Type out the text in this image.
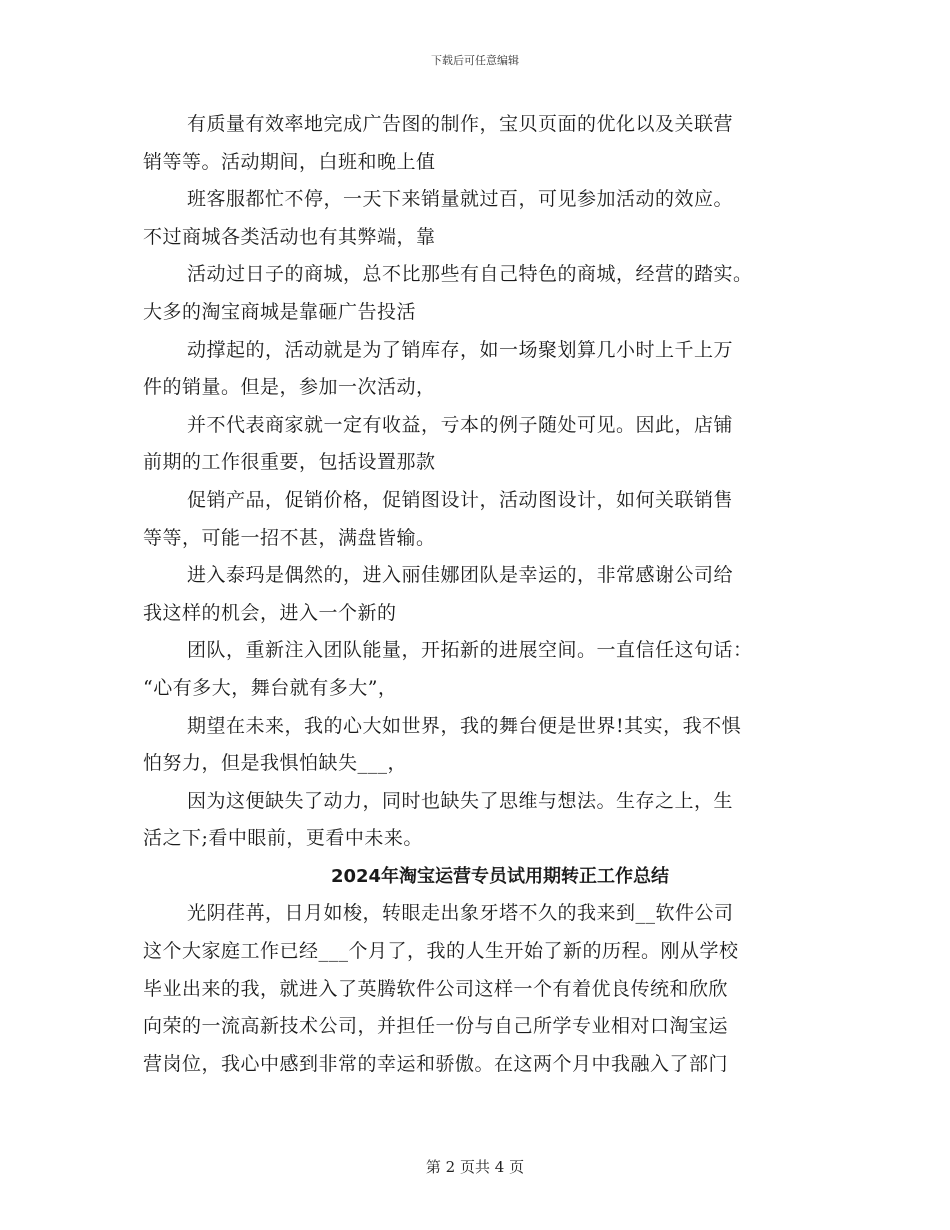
下载后可任意编辑
有质量有效率地完成广告图的制作，宝贝页面的优化以及关联营
销等等。活动期间，白班和晚上值
班客服都忙不停，一天下来销量就过百，可见参加活动的效应。
不过商城各类活动也有其弊端，靠
活动过日子的商城，总不比那些有自己特色的商城，经营的踏实。
大多的淘宝商城是靠砸广告投活
动撑起的，活动就是为了销库存，如一场聚划算几小时上千上万
件的销量。但是，参加一次活动，
并不代表商家就一定有收益，亏本的例子随处可见。因此，店铺
前期的工作很重要，包括设置那款
促销产品，促销价格，促销图设计，活动图设计，如何关联销售
等等，可能一招不甚，满盘皆输。
进入泰玛是偶然的，进入丽佳娜团队是幸运的，非常感谢公司给
我这样的机会，进入一个新的
团队，重新注入团队能量，开拓新的进展空间。一直信任这句话：
“心有多大，舞台就有多大”，
期望在未来，我的心大如世界，我的舞台便是世界!其实，我不惧
怕努力，但是我惧怕缺失___，
因为这便缺失了动力，同时也缺失了思维与想法。生存之上，生
活之下;看中眼前，更看中未来。
2024年淘宝运营专员试用期转正工作总结
光阴荏苒，日月如梭，转眼走出象牙塔不久的我来到__软件公司
这个大家庭工作已经___个月了，我的人生开始了新的历程。刚从学校
毕业出来的我，就进入了英腾软件公司这样一个有着优良传统和欣欣
向荣的一流高新技术公司，并担任一份与自己所学专业相对口淘宝运
营岗位，我心中感到非常的幸运和骄傲。在这两个月中我融入了部门
第 2 页共 4 页
